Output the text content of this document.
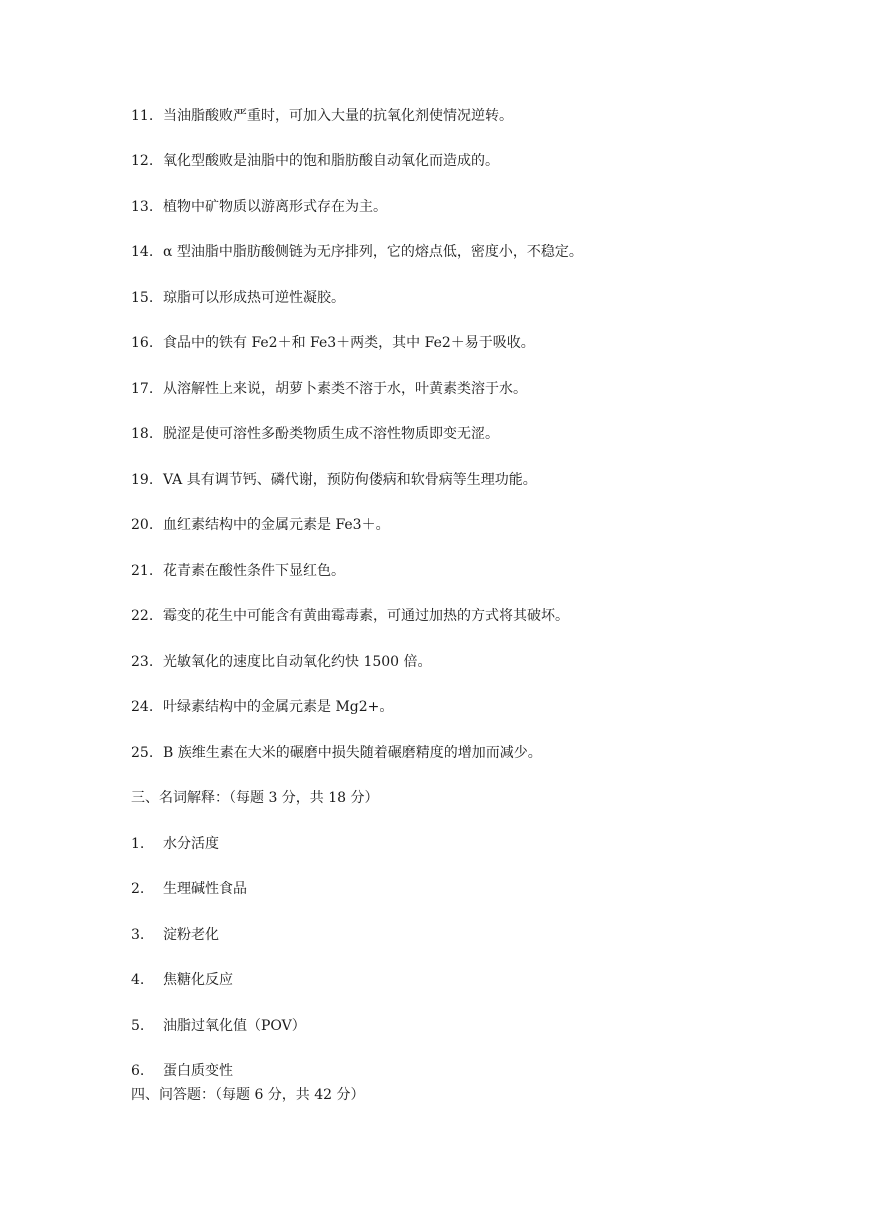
11. 当油脂酸败严重时，可加入大量的抗氧化剂使情况逆转。
12. 氧化型酸败是油脂中的饱和脂肪酸自动氧化而造成的。
13. 植物中矿物质以游离形式存在为主。
14. α 型油脂中脂肪酸侧链为无序排列，它的熔点低，密度小，不稳定。
15. 琼脂可以形成热可逆性凝胶。
16. 食品中的铁有 Fe2＋和 Fe3＋两类，其中 Fe2＋易于吸收。
17. 从溶解性上来说，胡萝卜素类不溶于水，叶黄素类溶于水。
18. 脱涩是使可溶性多酚类物质生成不溶性物质即变无涩。
19. VA 具有调节钙、磷代谢，预防佝偻病和软骨病等生理功能。
20. 血红素结构中的金属元素是 Fe3＋。
21. 花青素在酸性条件下显红色。
22. 霉变的花生中可能含有黄曲霉毒素，可通过加热的方式将其破坏。
23. 光敏氧化的速度比自动氧化约快 1500 倍。
24. 叶绿素结构中的金属元素是 Mg2+。
25. B 族维生素在大米的碾磨中损失随着碾磨精度的增加而减少。
三、名词解释：（每题 3 分，共 18 分）
1. 水分活度
2. 生理碱性食品
3. 淀粉老化
4. 焦糖化反应
5. 油脂过氧化值（POV）
6. 蛋白质变性
四、问答题：（每题 6 分，共 42 分）
